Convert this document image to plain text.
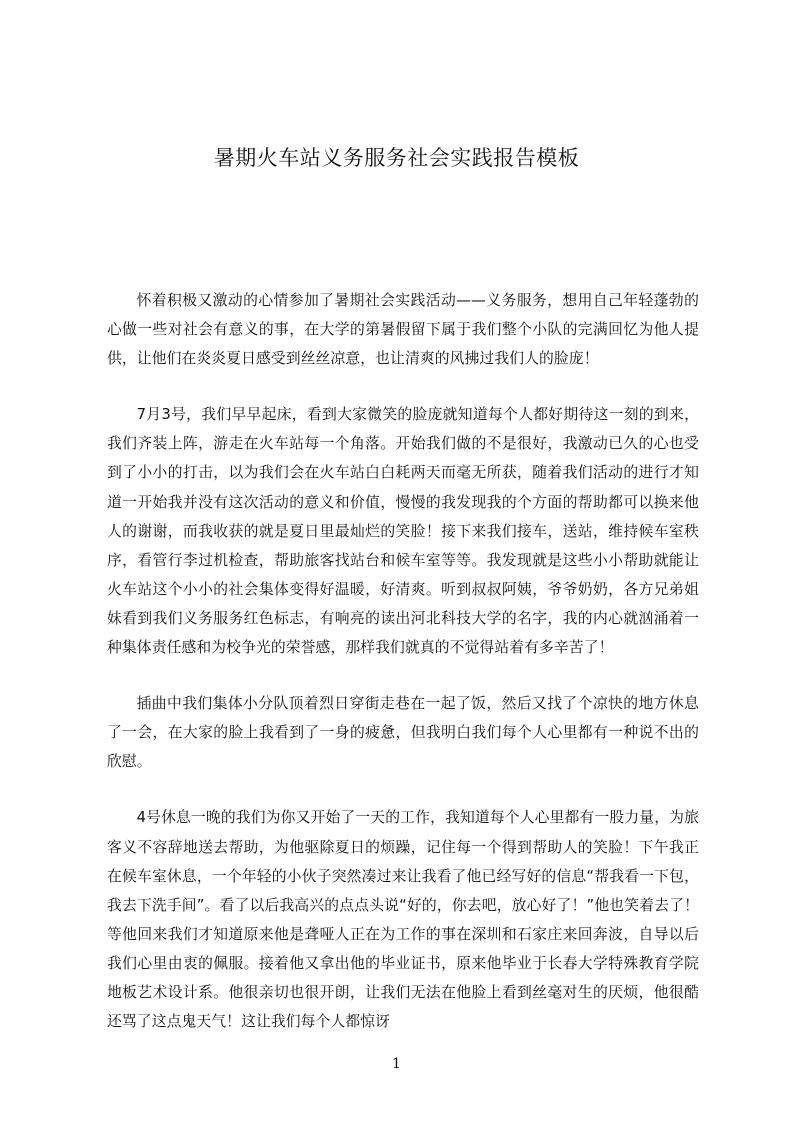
暑期火车站义务服务社会实践报告模板

怀着积极又激动的心情参加了暑期社会实践活动——义务服务，想用自己年轻蓬勃的心做一些对社会有意义的事，在大学的第暑假留下属于我们整个小队的完满回忆为他人提供，让他们在炎炎夏日感受到丝丝凉意，也让清爽的风拂过我们人的脸庞！

7月3号，我们早早起床，看到大家微笑的脸庞就知道每个人都好期待这一刻的到来，我们齐装上阵，游走在火车站每一个角落。开始我们做的不是很好，我激动已久的心也受到了小小的打击，以为我们会在火车站白白耗两天而毫无所获，随着我们活动的进行才知道一开始我并没有这次活动的意义和价值，慢慢的我发现我的个方面的帮助都可以换来他人的谢谢，而我收获的就是夏日里最灿烂的笑脸！接下来我们接车，送站，维持候车室秩序，看管行李过机检查，帮助旅客找站台和候车室等等。我发现就是这些小小帮助就能让火车站这个小小的社会集体变得好温暖，好清爽。听到叔叔阿姨，爷爷奶奶，各方兄弟姐妹看到我们义务服务红色标志，有响亮的读出河北科技大学的名字，我的内心就汹涌着一种集体责任感和为校争光的荣誉感，那样我们就真的不觉得站着有多辛苦了！

插曲中我们集体小分队顶着烈日穿街走巷在一起了饭，然后又找了个凉快的地方休息了一会，在大家的脸上我看到了一身的疲惫，但我明白我们每个人心里都有一种说不出的欣慰。

4号休息一晚的我们为你又开始了一天的工作，我知道每个人心里都有一股力量，为旅客义不容辞地送去帮助，为他驱除夏日的烦躁，记住每一个得到帮助人的笑脸！下午我正在候车室休息，一个年轻的小伙子突然凑过来让我看了他已经写好的信息“帮我看一下包，我去下洗手间”。看了以后我高兴的点点头说“好的，你去吧，放心好了！”他也笑着去了！等他回来我们才知道原来他是聋哑人正在为工作的事在深圳和石家庄来回奔波，自导以后我们心里由衷的佩服。接着他又拿出他的毕业证书，原来他毕业于长春大学特殊教育学院地板艺术设计系。他很亲切也很开朗，让我们无法在他脸上看到丝毫对生的厌烦，他很酷还骂了这点鬼天气！这让我们每个人都惊讶

1
